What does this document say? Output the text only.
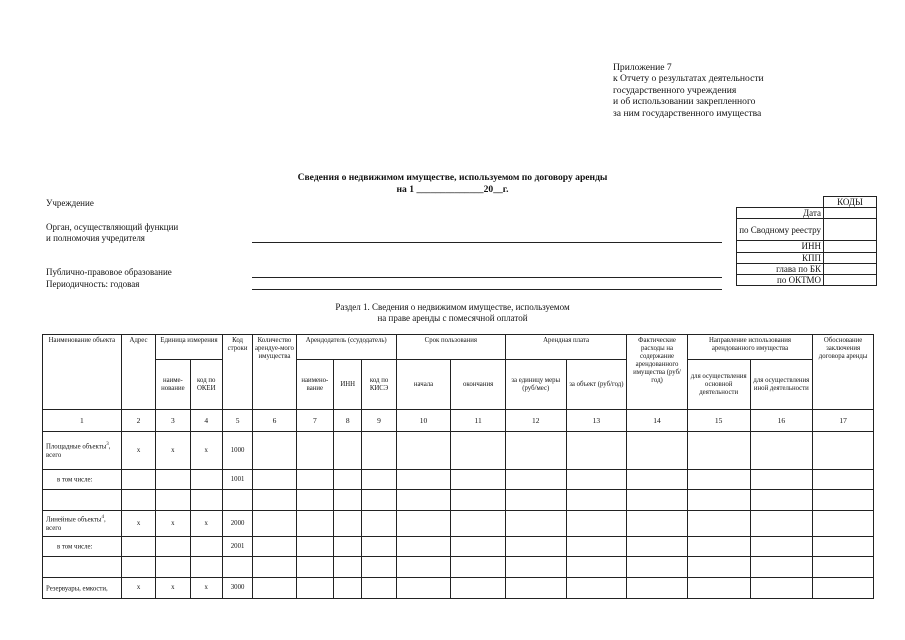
Приложение 7
к Отчету о результатах деятельности
государственного учреждения
и об использовании закрепленного
за ним государственного имущества
Сведения о недвижимом имуществе, используемом по договору аренды
на 1 ______________20__г.
Учреждение
Орган, осуществляющий функции
и полномочия учредителя
Публично-правовое образование
Периодичность: годовая
	КОДЫ
Дата	
по Сводному реестру	
ИНН	
КПП	
глава по БК	
по ОКТМО	
Раздел 1. Сведения о недвижимом имуществе, используемом
на праве аренды с помесячной оплатой
Наименование объекта	Адрес	Единица измерения		Код строки	Количество арендуе-мого имущества	Арендодатель (ссудодатель)			Срок пользования		Арендная плата		Фактические расходы на содержание арендованного имущества (руб/год)	Направление использования арендованного имущества		Обоснование заключения договора аренды
		наиме-нование	код по ОКЕИ			наимено-вание	ИНН	код по КИСЭ	начала	окончания	за единицу меры (руб/мес)	за объект (руб/год)		для осуществления основной деятельности	для осуществления иной деятельности	
1	2	3	4	5	6	7	8	9	10	11	12	13	14	15	16	17
Площадные объекты$^3$, всего	x	x	x	1000												
в том числе:				1001												

Линейные объекты$^4$, всего	x	x	x	2000												
в том числе:				2001												

Резервуары, емкости,	x	x	x	3000												
